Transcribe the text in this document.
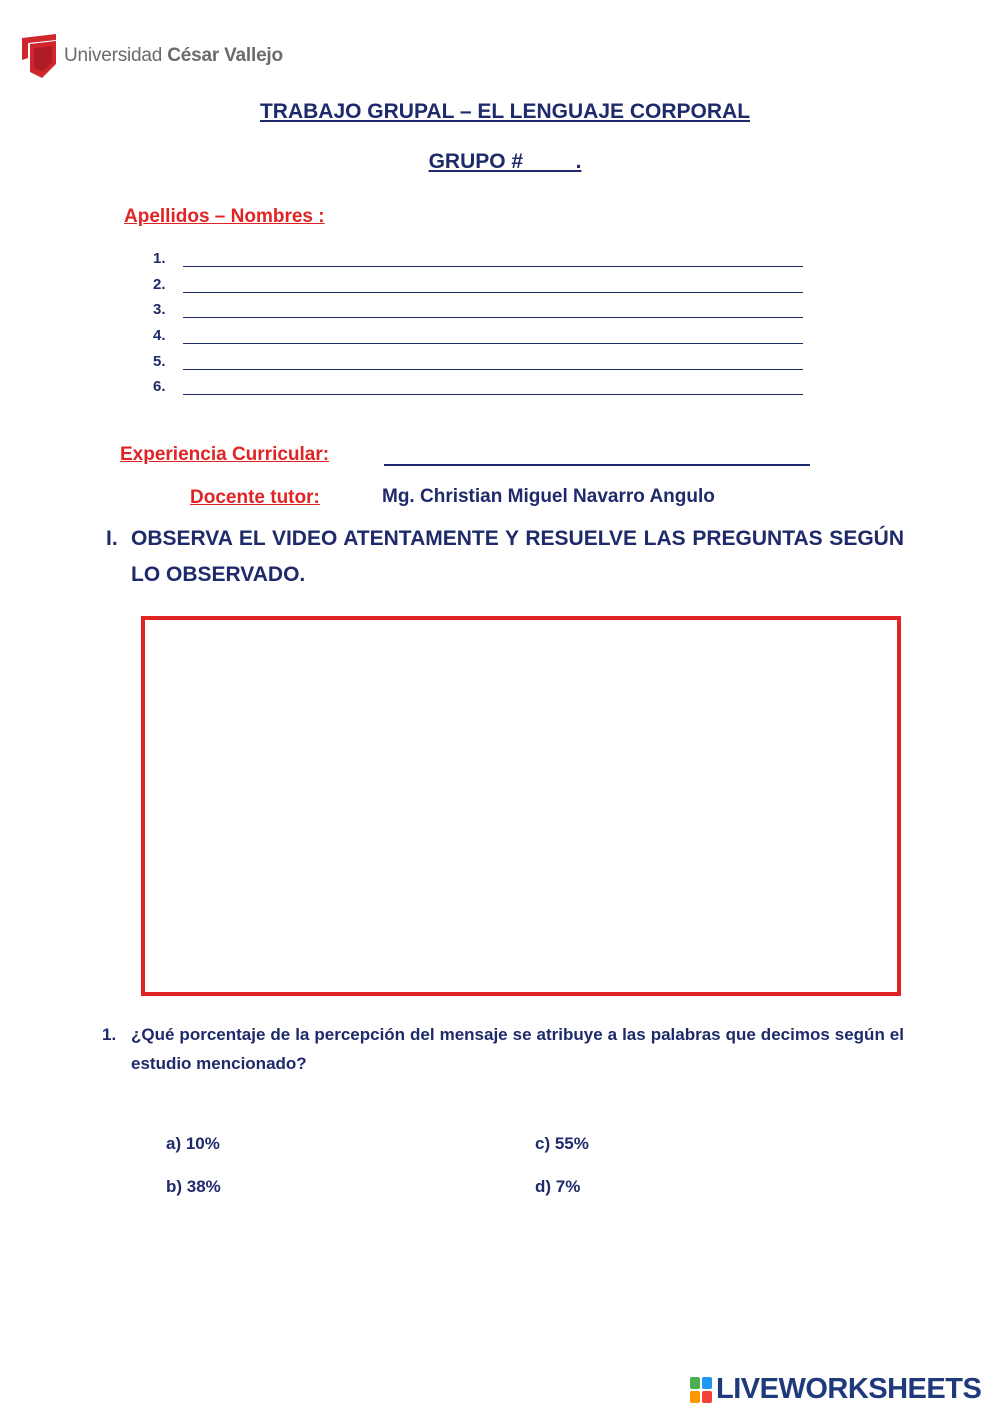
Universidad César Vallejo
TRABAJO GRUPAL – EL LENGUAJE CORPORAL
GRUPO #         .
Apellidos – Nombres :
1.
2.
3.
4.
5.
6.
Experiencia Curricular:
Docente tutor:	Mg. Christian Miguel Navarro Angulo
I. OBSERVA EL VIDEO ATENTAMENTE Y RESUELVE LAS PREGUNTAS SEGÚN LO OBSERVADO.
1. ¿Qué porcentaje de la percepción del mensaje se atribuye a las palabras que decimos según el estudio mencionado?
a) 10%	c) 55%
b) 38%	d) 7%
LIVEWORKSHEETS
